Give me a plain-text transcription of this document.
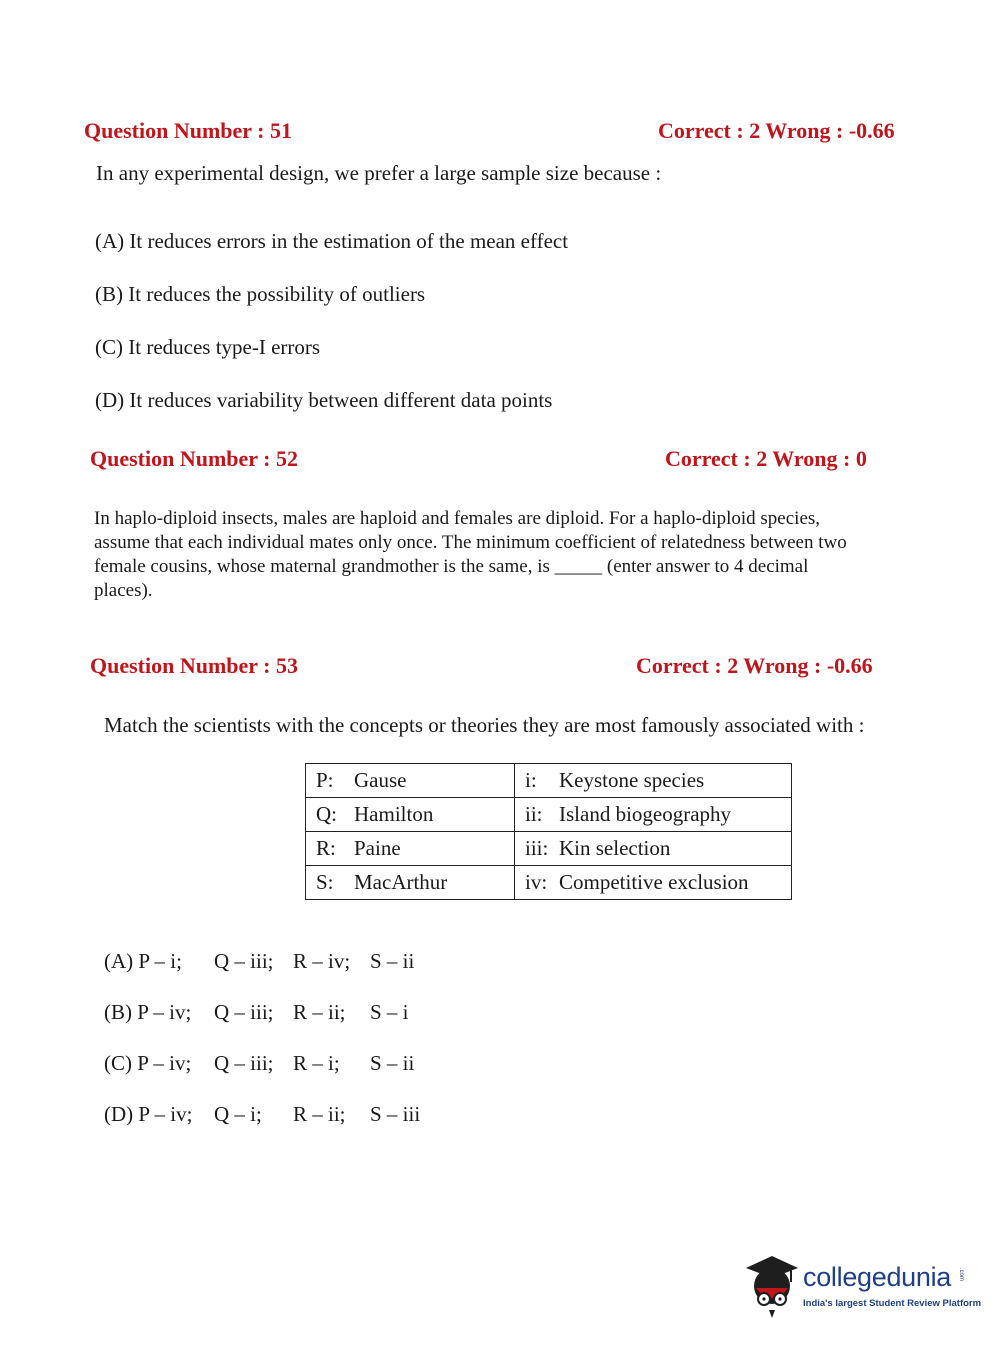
Question Number : 51	Correct : 2 Wrong : -0.66
In any experimental design, we prefer a large sample size because :
(A) It reduces errors in the estimation of the mean effect
(B) It reduces the possibility of outliers
(C) It reduces type-I errors
(D) It reduces variability between different data points
Question Number : 52	Correct : 2 Wrong : 0
In haplo-diploid insects, males are haploid and females are diploid. For a haplo-diploid species,
assume that each individual mates only once. The minimum coefficient of relatedness between two
female cousins, whose maternal grandmother is the same, is _____ (enter answer to 4 decimal
places).
Question Number : 53	Correct : 2 Wrong : -0.66
Match the scientists with the concepts or theories they are most famously associated with :
P: Gause	i: Keystone species
Q: Hamilton	ii: Island biogeography
R: Paine	iii: Kin selection
S: MacArthur	iv: Competitive exclusion
(A) P – i; Q – iii; R – iv; S – ii
(B) P – iv; Q – iii; R – ii; S – i
(C) P – iv; Q – iii; R – i; S – ii
(D) P – iv; Q – i; R – ii; S – iii
collegedunia .com
India's largest Student Review Platform
